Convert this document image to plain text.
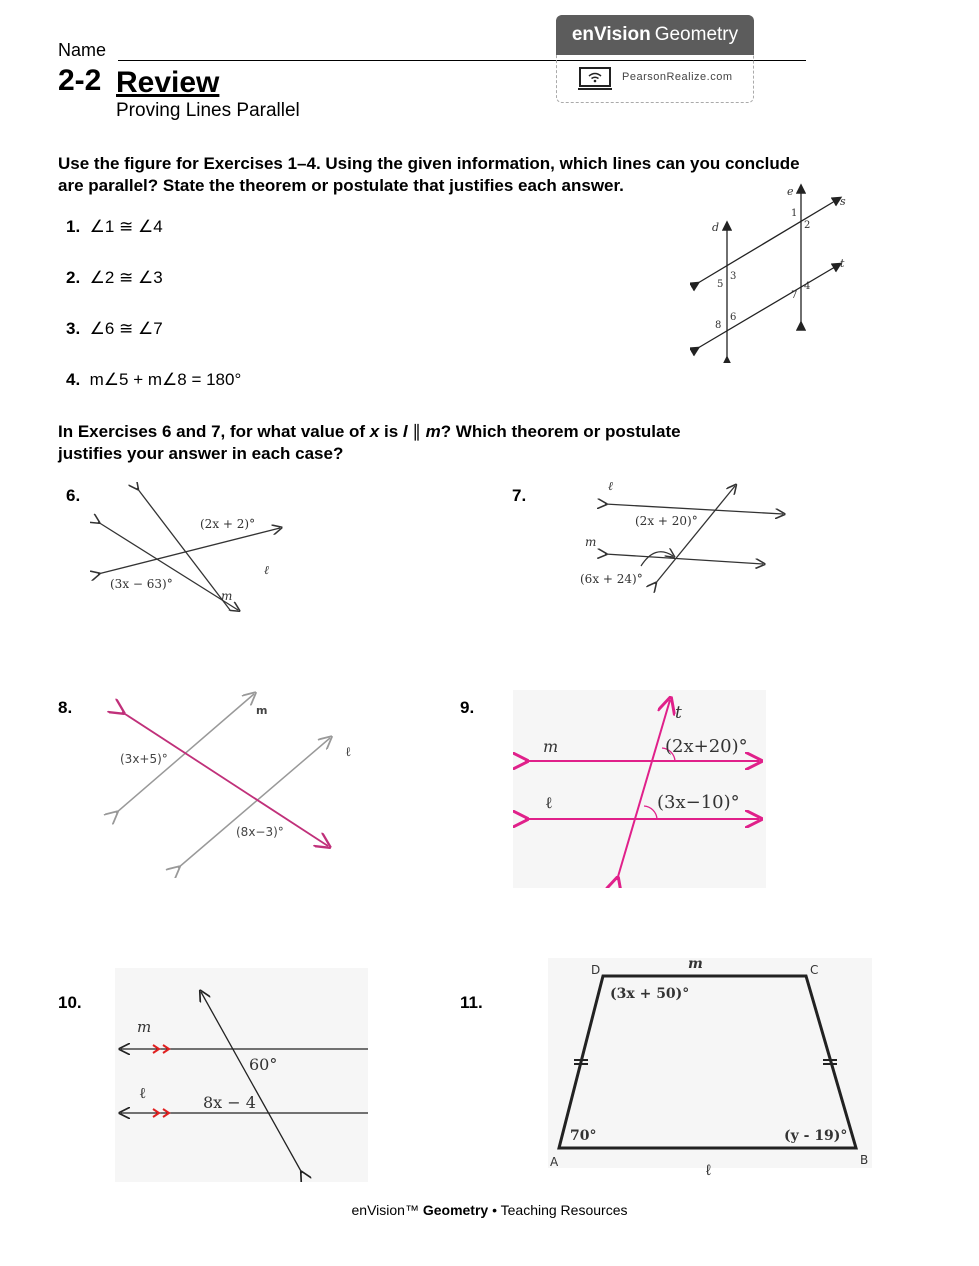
Name
2-2 Review
Proving Lines Parallel
enVision Geometry
PearsonRealize.com
Use the figure for Exercises 1–4. Using the given information, which lines can you conclude
are parallel? State the theorem or postulate that justifies each answer.
1. ∠1 ≅ ∠4
2. ∠2 ≅ ∠3
3. ∠6 ≅ ∠7
4. m∠5 + m∠8 = 180°
d
e
s
t
1
2
3
4
5
6
7
8
In Exercises 6 and 7, for what value of x is l ∥ m? Which theorem or postulate
justifies your answer in each case?
6.
(2x + 2)°
(3x − 63)°
ℓ
m
7.	ℓ
m
(2x + 20)°
(6x + 24)°
8.
(3x+5)°
(8x−3)°
m
ℓ
9.	t
(2x+20)°
(3x−10)°
m
ℓ
10.
m
ℓ
60°
8x − 4
11.
D	C
A	B
m
(3x + 50)°
70°	(y - 19)°
ℓ
enVision™ Geometry • Teaching Resources
